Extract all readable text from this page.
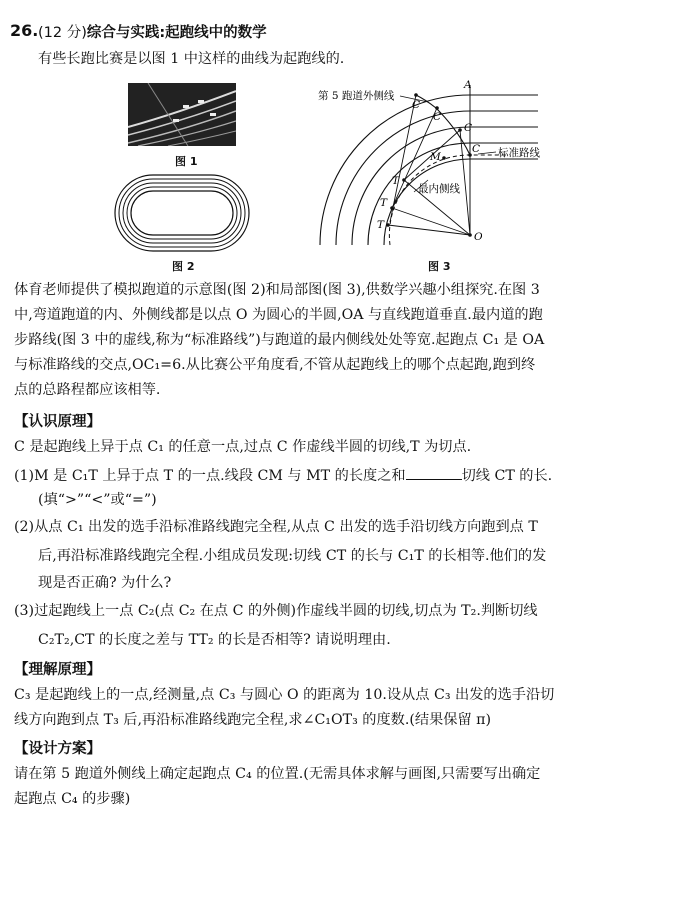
26. (12 分)综合与实践:起跑线中的数学
有些长跑比赛是以图 1 中这样的曲线为起跑线的.
图 1
图 2
第 5 跑道外侧线
标准路线
最内侧线
A
C
C
C
C
M
T
T
T
O
图 3
体育老师提供了模拟跑道的示意图(图 2)和局部图(图 3),供数学兴趣小组探究.在图 3
中,弯道跑道的内、外侧线都是以点 O 为圆心的半圆,OA 与直线跑道垂直.最内道的跑
步路线(图 3 中的虚线,称为“标准路线”)与跑道的最内侧线处处等宽.起跑点 C₁ 是 OA
与标准路线的交点,OC₁=6.从比赛公平角度看,不管从起跑线上的哪个点起跑,跑到终
点的总路程都应该相等.
【认识原理】
C 是起跑线上异于点 C₁ 的任意一点,过点 C 作虚线半圆的切线,T 为切点.
(1)M 是 C₁T 上异于点 T 的一点.线段 CM 与 MT 的长度之和	切线 CT 的长.
(填“>”“<”或“=”)
(2)从点 C₁ 出发的选手沿标准路线跑完全程,从点 C 出发的选手沿切线方向跑到点 T
后,再沿标准路线跑完全程.小组成员发现:切线 CT 的长与 C₁T 的长相等.他们的发
现是否正确? 为什么?
(3)过起跑线上一点 C₂(点 C₂ 在点 C 的外侧)作虚线半圆的切线,切点为 T₂.判断切线
C₂T₂,CT 的长度之差与 TT₂ 的长是否相等? 请说明理由.
【理解原理】
C₃ 是起跑线上的一点,经测量,点 C₃ 与圆心 O 的距离为 10.设从点 C₃ 出发的选手沿切
线方向跑到点 T₃ 后,再沿标准路线跑完全程,求∠C₁OT₃ 的度数.(结果保留 π)
【设计方案】
请在第 5 跑道外侧线上确定起跑点 C₄ 的位置.(无需具体求解与画图,只需要写出确定
起跑点 C₄ 的步骤)
